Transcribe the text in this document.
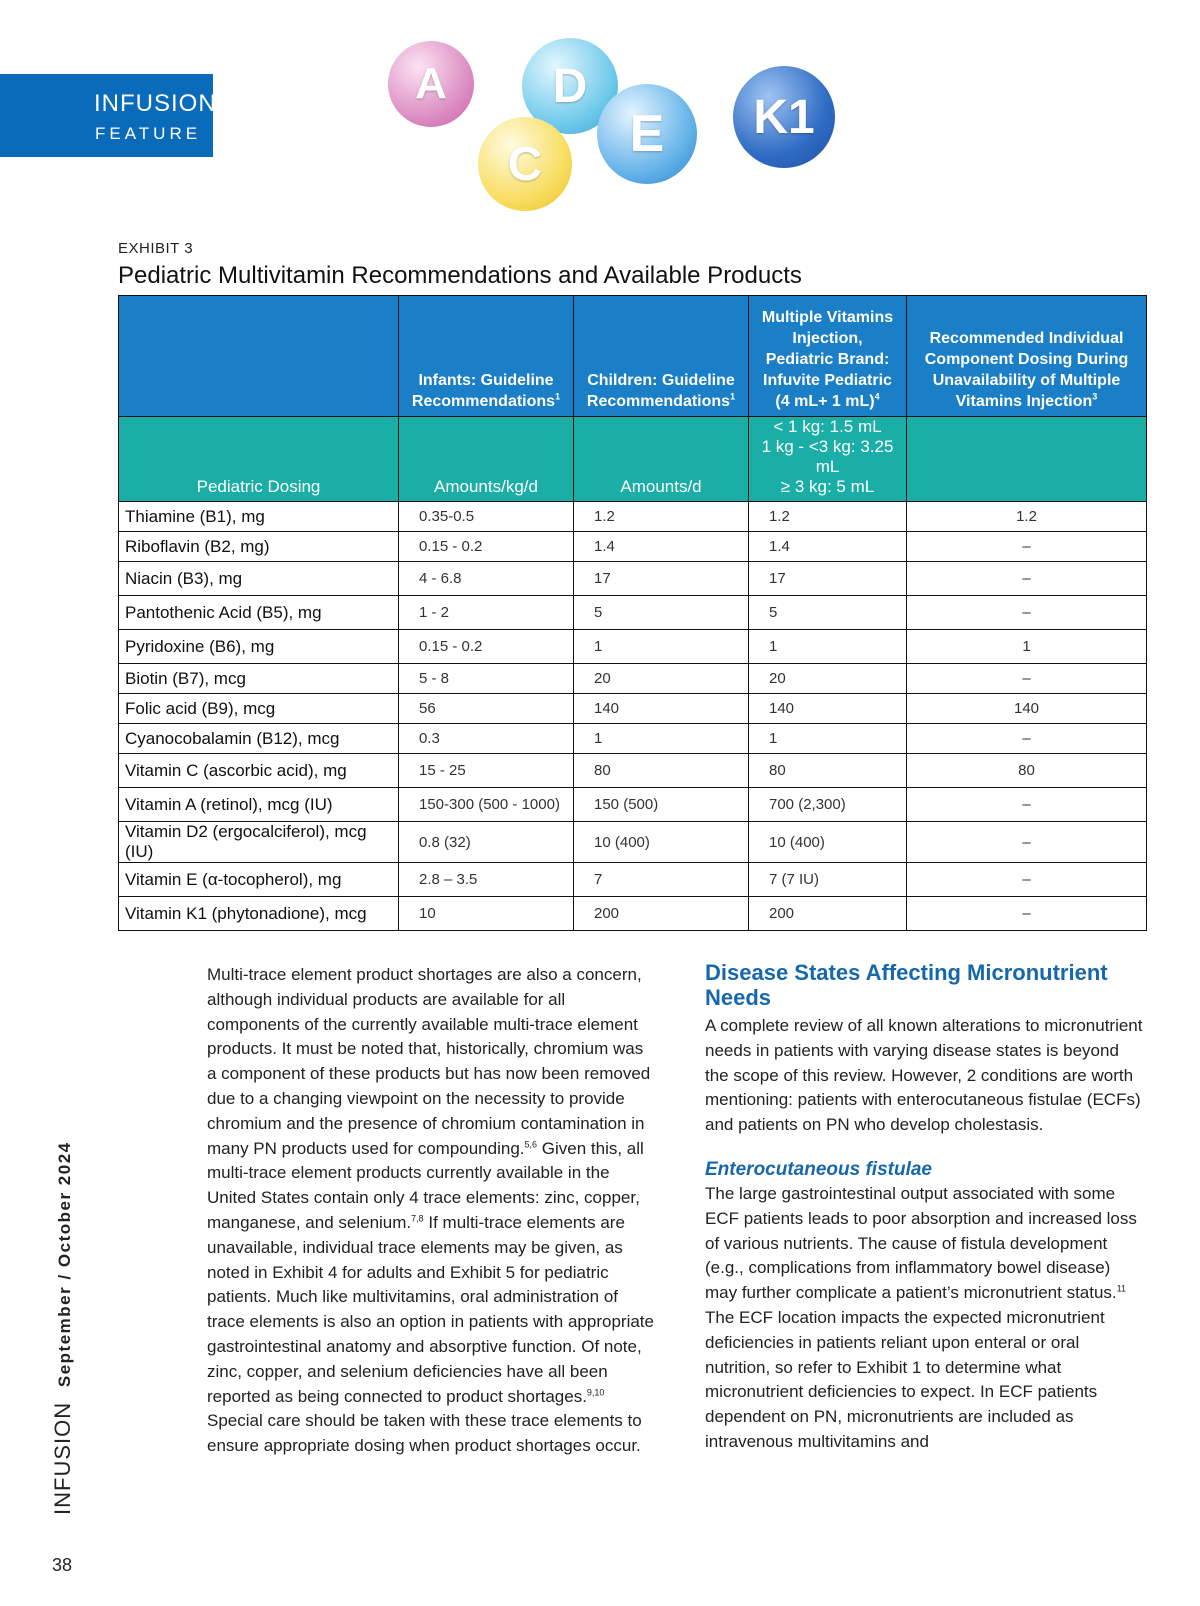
INFUSION
FEATURE
A	D
C
E	K1
EXHIBIT 3
Pediatric Multivitamin Recommendations and Available Products
	Infants: Guideline Recommendations$^1$	Children: Guideline Recommendations$^1$	Multiple Vitamins Injection,
Pediatric Brand:
Infuvite Pediatric
(4 mL+ 1 mL)$^4$	Recommended Individual Component Dosing During Unavailability of Multiple Vitamins Injection$^3$
Pediatric Dosing	Amounts/kg/d	Amounts/d	< 1 kg: 1.5 mL
1 kg - <3 kg: 3.25 mL
≥ 3 kg: 5 mL	
Thiamine (B1), mg	0.35-0.5	1.2	1.2	1.2
Riboflavin (B2, mg)	0.15 - 0.2	1.4	1.4	–
Niacin (B3), mg	4 - 6.8	17	17	–
Pantothenic Acid (B5), mg	1 - 2	5	5	–
Pyridoxine (B6), mg	0.15 - 0.2	1	1	1
Biotin (B7), mcg	5 - 8	20	20	–
Folic acid (B9), mcg	56	140	140	140
Cyanocobalamin (B12), mcg	0.3	1	1	–
Vitamin C (ascorbic acid), mg	15 - 25	80	80	80
Vitamin A (retinol), mcg (IU)	150-300 (500 - 1000)	150 (500)	700 (2,300)	–
Vitamin D2 (ergocalciferol), mcg (IU)	0.8 (32)	10 (400)	10 (400)	–
Vitamin E (α-tocopherol), mg	2.8 – 3.5	7	7 (7 IU)	–
Vitamin K1 (phytonadione), mcg	10	200	200	–

Multi-trace element product shortages are also a concern, although individual products are available for all components of the currently available multi-trace element products. It must be noted that, historically, chromium was a component of these products but has now been removed due to a changing viewpoint on the necessity to provide chromium and the presence of chromium contamination in many PN products used for compounding.$^{5,6}$ Given this, all multi-trace element products currently available in the United States contain only 4 trace elements: zinc, copper, manganese, and selenium.$^{7,8}$ If multi-trace elements are unavailable, individual trace elements may be given, as noted in Exhibit 4 for adults and Exhibit 5 for pediatric patients. Much like multivitamins, oral administration of trace elements is also an option in patients with appropriate gastrointestinal anatomy and absorptive function. Of note, zinc, copper, and selenium deficiencies have all been reported as being connected to product shortages.$^{9,10}$ Special care should be taken with these trace elements to ensure appropriate dosing when product shortages occur.

Disease States Affecting Micronutrient Needs

A complete review of all known alterations to micronutrient needs in patients with varying disease states is beyond the scope of this review. However, 2 conditions are worth mentioning: patients with enterocutaneous fistulae (ECFs) and patients on PN who develop cholestasis.

Enterocutaneous fistulae

The large gastrointestinal output associated with some ECF patients leads to poor absorption and increased loss of various nutrients. The cause of fistula development (e.g., complications from inflammatory bowel disease) may further complicate a patient’s micronutrient status.$^{11}$ The ECF location impacts the expected micronutrient deficiencies in patients reliant upon enteral or oral nutrition, so refer to Exhibit 1 to determine what micronutrient deficiencies to expect. In ECF patients dependent on PN, micronutrients are included as intravenous multivitamins and

INFUSION September / October 2024
38
